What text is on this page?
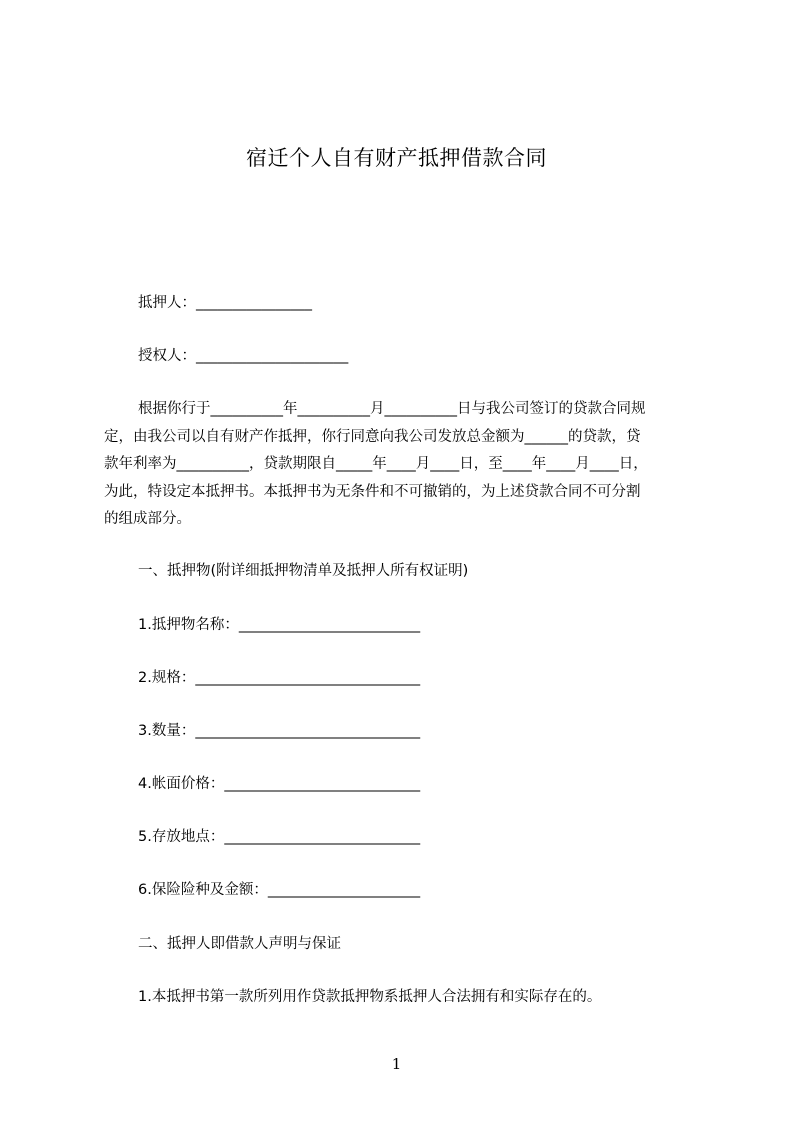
宿迁个人自有财产抵押借款合同
抵押人：________________
授权人：_____________________

根据你行于__________年__________月__________日与我公司签订的贷款合同规

定，由我公司以自有财产作抵押，你行同意向我公司发放总金额为______的贷款，贷

款年利率为__________，贷款期限自_____年____月____日，至____年____月____日，

为此，特设定本抵押书。本抵押书为无条件和不可撤销的，为上述贷款合同不可分割

的组成部分。

一、抵押物(附详细抵押物清单及抵押人所有权证明)
1.抵押物名称：_________________________
2.规格：_______________________________
3.数量：_______________________________
4.帐面价格：___________________________
5.存放地点：___________________________
6.保险险种及金额：_____________________
二、抵押人即借款人声明与保证
1.本抵押书第一款所列用作贷款抵押物系抵押人合法拥有和实际存在的。
1
